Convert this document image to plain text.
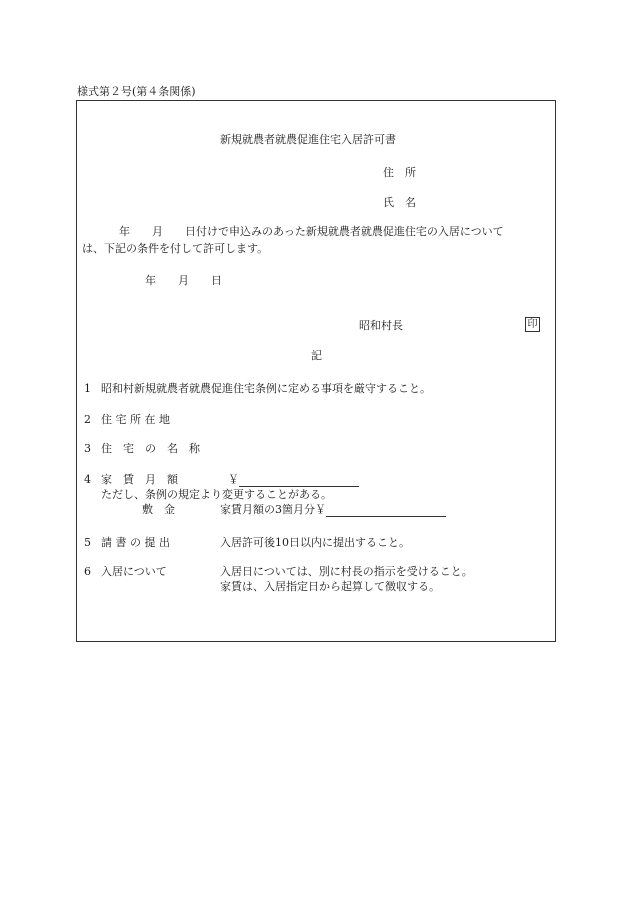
様式第２号(第４条関係)
新規就農者就農促進住宅入居許可書
住　所
氏　名
年　　月　　日付けで申込みのあった新規就農者就農促進住宅の入居について
は、下記の条件を付して許可します。
年　　月　　日
昭和村長	印
記
1 昭和村新規就農者就農促進住宅条例に定める事項を厳守すること。
2 住 宅 所 在 地
3 住　宅　の　名　称
4 家　賃　月　額	￥
ただし、条例の規定より変更することがある。
敷　金	家賃月額の3箇月分￥
5 請 書 の 提 出	入居許可後10日以内に提出すること。
6 入居について	入居日については、別に村長の指示を受けること。
家賃は、入居指定日から起算して徴収する。
